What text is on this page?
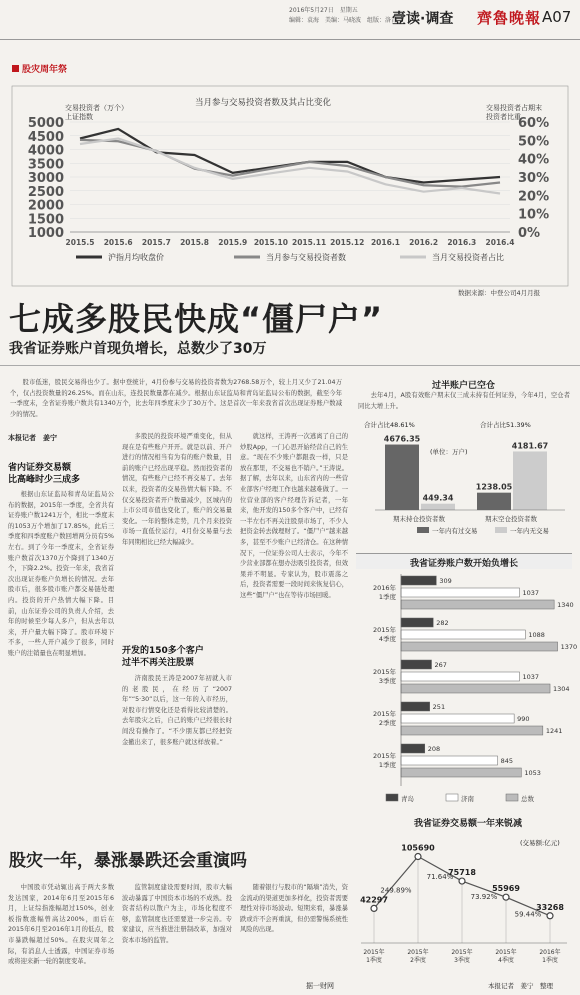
2016年5月27日　星期五
编辑：袁海　美编：马晓波　组版：洛青
壹读·调查 齊魯晚報 A07
股灾周年祭
5000
4500
4000
3500
3000
2500
2000
1500
1000
60%
50%
40%
30%
20%
10%
0%
2015.5 2015.6 2015.7 2015.8 2015.9 2015.10 2015.11 2015.12 2016.1 2016.2 2016.3 2016.4
沪指月均收盘价	当月参与交易投资者数	当月交易投资者占比
当月参与交易投资者数及其占比变化
交易投资者（万个）
上证指数
交易投资者占期末
投资者比重
数据来源：中登公司4月月报
七成多股民快成“僵尸户”
我省证券账户首现负增长，总数少了30万
股市低迷，股民交易得也少了。据中登统计，4月份参与交易的投资者数为2768.58万个，较上月又少了21.04万个，仅占投资数量的26.25%。而在山东，连投民数量都在减少。根据山东证监局和青岛证监局公布的数据，截至今年一季度末，全省证券账户数共有1340万个，比去年四季度末少了30万个。这是首次一年来我省首次出现证券账户数减少的情况。
本报记者　姜宁
省内证券交易额
比高峰时少三成多
根据山东证监局和青岛证监局公布的数据，2015年一季度，全省共有证券账户数1241万个，相比一季度末的1053万个增加了17.85%，此后三季度和四季度账户数回增两分员有5%左右。到了今年一季度末，全省证券账户数首次1370万个降到了1340万个，下降2.2%。投资一年来，我省首次出现证券账户负增长的情况。去年股市后，很多股市账户都交易链处理内。投资的开户热情大幅下降。目前，山东证券公司的负责人介绍，去年的时候至少每人多户，但从去年以来，开户量大幅下降了。股市环境下不多，一些人开户减少了很多，同时账户的注销量也在明显增加。
多股民的投资环境严重变化，但从现在是有些账户开开。就是以前、开户进行的情况相当有为有的账户数量，目前的账户已经出现平稳。然而投资者的情况，有些账户已经不再交易了。去年以来，投资者的交易热情大幅下降。不仅交易投资者开户数量减少，区城内的上市公司市值也变化了，账户的交易量变化。一年的整体走势，几个月来投资市场一直低位运行，4月份交易量与去年同期相比已经大幅减少。
开发的150多个客户
过半不再关注股票
济南股民王涛是2007年初就入市的老股民，在经历了“2007年”“5·30”以后，这一年的入市经历，对股市行情变化还是看得比较清楚的。去年股灾之后，自己的账户已经很长时间没有操作了。“不少朋友都已经把资金撤出来了，很多账户就这样放着。”
就这样，王涛再一次逃离了自己的炒股App，一门心思开始经营自己的生意。“现在不少账户都跟我一样，只是放在那里，不交易也不销户。”王涛说。据了解，去年以来，山东省内的一些营业部客户经理工作也越来越难做了。一位营业部的客户经理告诉记者，一年来，他开发的150多个客户中，已经有一半左右不再关注股票市场了，不少人把资金转去做理财了。“僵尸户”越来越多，甚至不少账户已经清仓。在这种情况下，一位证券公司人士表示，今年不少营业部都在想办法吸引投资者，但效果并不明显。专家认为，股市震荡之后，投资者需要一段时间来恢复信心，这些“僵尸户”也在等待市场回暖。
过半账户已空仓
去年4月，A股有效账户期末仅三成未持有任何证券，今年4月，空仓者同比大增上升。
4676.35
449.34
期末持仓投资者数
1238.05
4181.67
期末空仓投资者数
一年内有过交易	一年内无交易
合计占比48.61%	合计占比51.39%
(单位：万户)
我省证券账户数开始负增长
2016年
1季度
309
1037
1340
2015年
4季度
282
1088
1370
2015年
3季度
267
1037
1304
2015年
2季度
251
990
1241
2015年
1季度
208
845
1053
青岛	济南	总数
我省证券交易额一年来锐减
(交易额:亿元)
42297
2015年
1季度
105690
2015年
2季度
75718
2015年
3季度
55969
2015年
4季度
33268
2016年
1季度
249.89%
71.64%
73.92%
59.44%
本报记者　姜宁　整理
股灾一年，暴涨暴跌还会重演吗
中国股市凭动辄出高于两大多数发达国家，2014年6月至2015年6月，上证综指涨幅超过150%，创业板指数涨幅曾高达200%，而后在2015年6月至2016年1月的低点，股市暴跌幅超过50%。在股灾周年之际，有消息人士透露，中国证券市场或将迎来新一轮的制度变革。
监管制度建设需要时间，股市大幅波动暴露了中国资本市场的不成熟。投资者结构以散户为主，市场化程度不够，监管制度也还需要进一步完善。专家建议，应当推进注册制改革，加强对资本市场的监管。
随着银行与股市的“隔墙”消失，资金流动的渠道更加多样化，投资者需要理性对待市场波动。短期来看，暴涨暴跌或许不会再重演，但仍需警惕系统性风险的出现。
据一财网
